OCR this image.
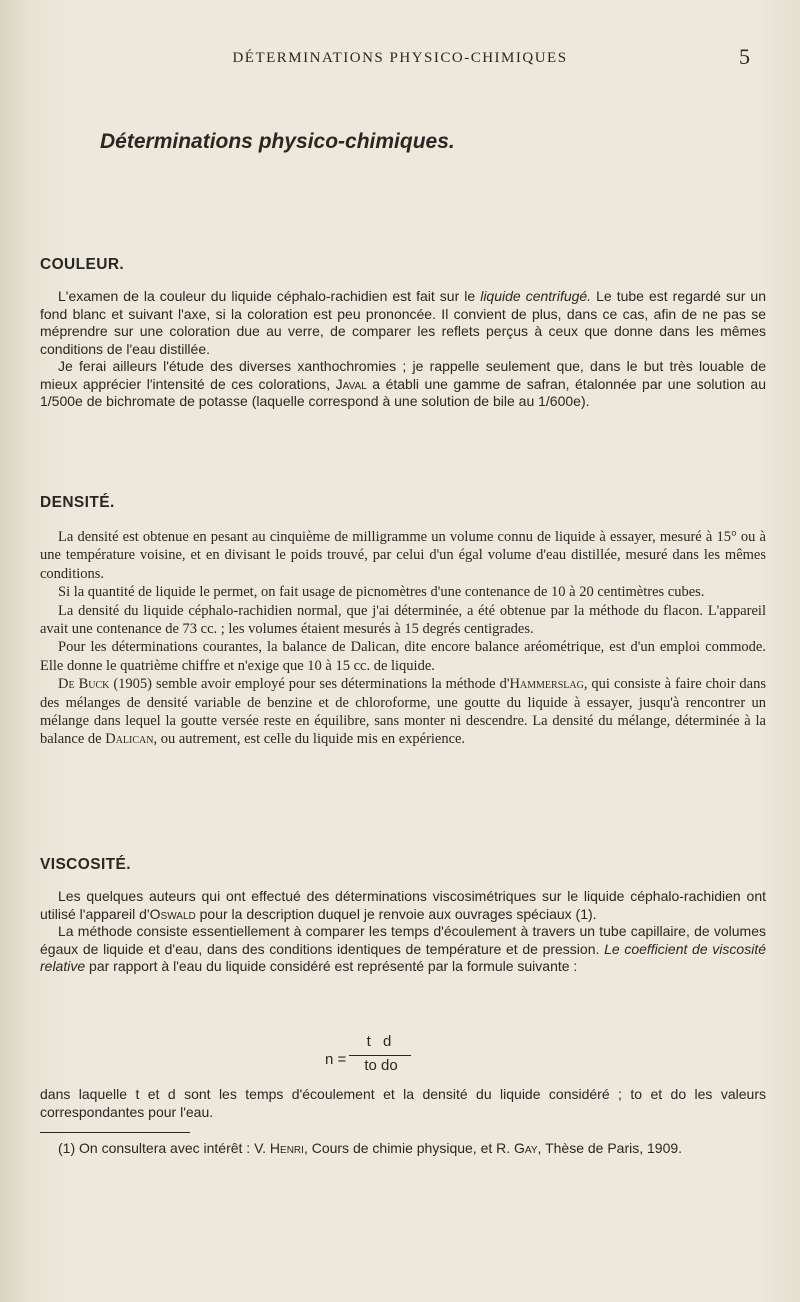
DÉTERMINATIONS PHYSICO-CHIMIQUES	5
Déterminations physico-chimiques.
COULEUR.

L'examen de la couleur du liquide céphalo-rachidien est fait sur le liquide centrifugé. Le tube est regardé sur un fond blanc et suivant l'axe, si la coloration est peu prononcée. Il convient de plus, dans ce cas, afin de ne pas se méprendre sur une coloration due au verre, de comparer les reflets perçus à ceux que donne dans les mêmes conditions de l'eau distillée.

Je ferai ailleurs l'étude des diverses xanthochromies ; je rappelle seulement que, dans le but très louable de mieux apprécier l'intensité de ces colorations, Javal a établi une gamme de safran, étalonnée par une solution au 1/500e de bichromate de potasse (laquelle correspond à une solution de bile au 1/600e).

DENSITÉ.

La densité est obtenue en pesant au cinquième de milligramme un volume connu de liquide à essayer, mesuré à 15° ou à une température voisine, et en divisant le poids trouvé, par celui d'un égal volume d'eau distillée, mesuré dans les mêmes conditions.

Si la quantité de liquide le permet, on fait usage de picnomètres d'une contenance de 10 à 20 centimètres cubes.

La densité du liquide céphalo-rachidien normal, que j'ai déterminée, a été obtenue par la méthode du flacon. L'appareil avait une contenance de 73 cc. ; les volumes étaient mesurés à 15 degrés centigrades.

Pour les déterminations courantes, la balance de Dalican, dite encore balance aréométrique, est d'un emploi commode. Elle donne le quatrième chiffre et n'exige que 10 à 15 cc. de liquide.

De Buck (1905) semble avoir employé pour ses déterminations la méthode d'Hammerslag, qui consiste à faire choir dans des mélanges de densité variable de benzine et de chloroforme, une goutte du liquide à essayer, jusqu'à rencontrer un mélange dans lequel la goutte versée reste en équilibre, sans monter ni descendre. La densité du mélange, déterminée à la balance de Dalican, ou autrement, est celle du liquide mis en expérience.

VISCOSITÉ.

Les quelques auteurs qui ont effectué des déterminations viscosimétriques sur le liquide céphalo-rachidien ont utilisé l'appareil d'Oswald pour la description duquel je renvoie aux ouvrages spéciaux (1).

La méthode consiste essentiellement à comparer les temps d'écoulement à travers un tube capillaire, de volumes égaux de liquide et d'eau, dans des conditions identiques de température et de pression. Le coefficient de viscosité relative par rapport à l'eau du liquide considéré est représenté par la formule suivante :

n =
t d
to do

dans laquelle t et d sont les temps d'écoulement et la densité du liquide considéré ; to et do les valeurs correspondantes pour l'eau.

(1) On consultera avec intérêt : V. Henri, Cours de chimie physique, et R. Gay, Thèse de Paris, 1909.
